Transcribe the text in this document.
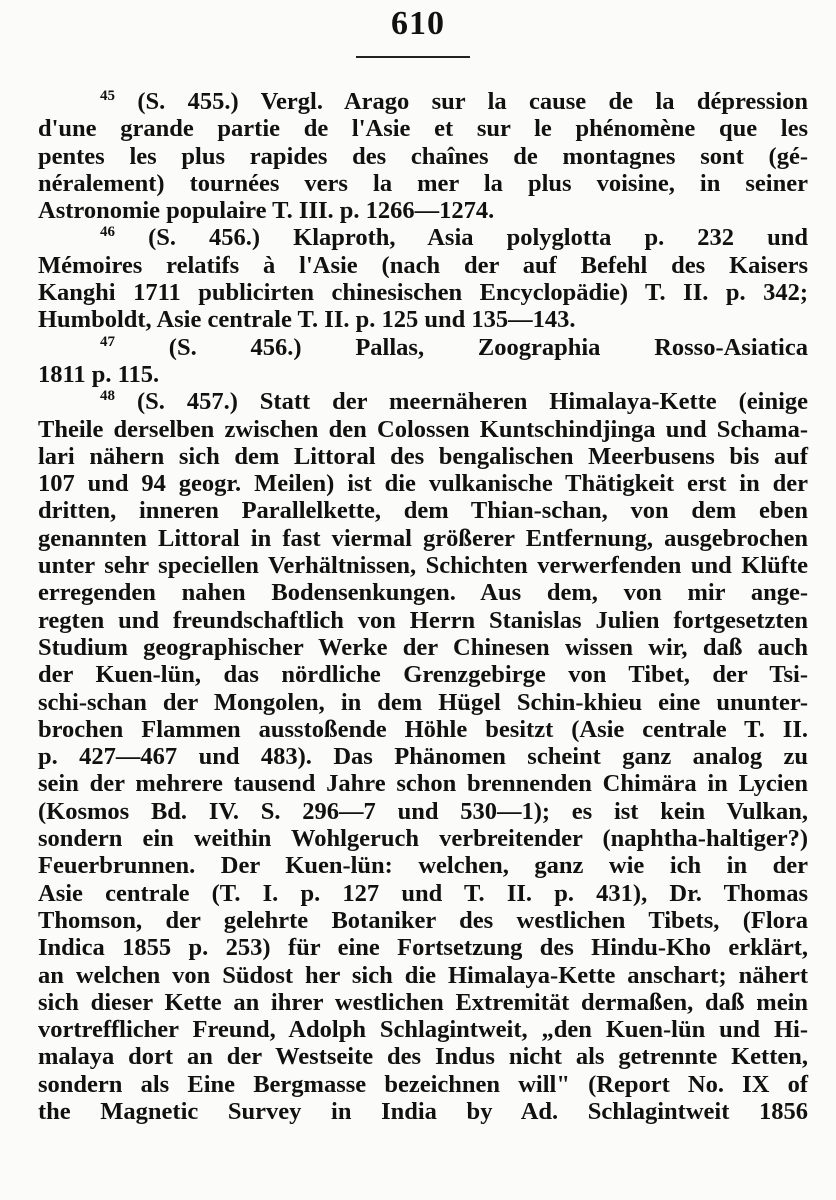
610
$^{45}$ (S. 455.) Vergl. Arago sur la cause de la dépression
d'une grande partie de l'Asie et sur le phénomène que les
pentes les plus rapides des chaînes de montagnes sont (gé-
néralement) tournées vers la mer la plus voisine, in seiner
Astronomie populaire T. III. p. 1266—1274.
$^{46}$ (S. 456.) Klaproth, Asia polyglotta p. 232 und
Mémoires relatifs à l'Asie (nach der auf Befehl des Kaisers
Kanghi 1711 publicirten chinesischen Encyclopädie) T. II. p. 342;
Humboldt, Asie centrale T. II. p. 125 und 135—143.
$^{47}$ (S. 456.) Pallas, Zoographia Rosso-Asiatica
1811 p. 115.
$^{48}$ (S. 457.) Statt der meernäheren Himalaya-Kette (einige
Theile derselben zwischen den Colossen Kuntschindjinga und Schama-
lari nähern sich dem Littoral des bengalischen Meerbusens bis auf
107 und 94 geogr. Meilen) ist die vulkanische Thätigkeit erst in der
dritten, inneren Parallelkette, dem Thian-schan, von dem eben
genannten Littoral in fast viermal größerer Entfernung, ausgebrochen
unter sehr speciellen Verhältnissen, Schichten verwerfenden und Klüfte
erregenden nahen Bodensenkungen. Aus dem, von mir ange-
regten und freundschaftlich von Herrn Stanislas Julien fortgesetzten
Studium geographischer Werke der Chinesen wissen wir, daß auch
der Kuen-lün, das nördliche Grenzgebirge von Tibet, der Tsi-
schi-schan der Mongolen, in dem Hügel Schin-khieu eine ununter-
brochen Flammen ausstoßende Höhle besitzt (Asie centrale T. II.
p. 427—467 und 483). Das Phänomen scheint ganz analog zu
sein der mehrere tausend Jahre schon brennenden Chimära in Lycien
(Kosmos Bd. IV. S. 296—7 und 530—1); es ist kein Vulkan,
sondern ein weithin Wohlgeruch verbreitender (naphtha-haltiger?)
Feuerbrunnen. Der Kuen-lün: welchen, ganz wie ich in der
Asie centrale (T. I. p. 127 und T. II. p. 431), Dr. Thomas
Thomson, der gelehrte Botaniker des westlichen Tibets, (Flora
Indica 1855 p. 253) für eine Fortsetzung des Hindu-Kho erklärt,
an welchen von Südost her sich die Himalaya-Kette anschart; nähert
sich dieser Kette an ihrer westlichen Extremität dermaßen, daß mein
vortrefflicher Freund, Adolph Schlagintweit, „den Kuen-lün und Hi-
malaya dort an der Westseite des Indus nicht als getrennte Ketten,
sondern als Eine Bergmasse bezeichnen will" (Report No. IX of
the Magnetic Survey in India by Ad. Schlagintweit 1856
